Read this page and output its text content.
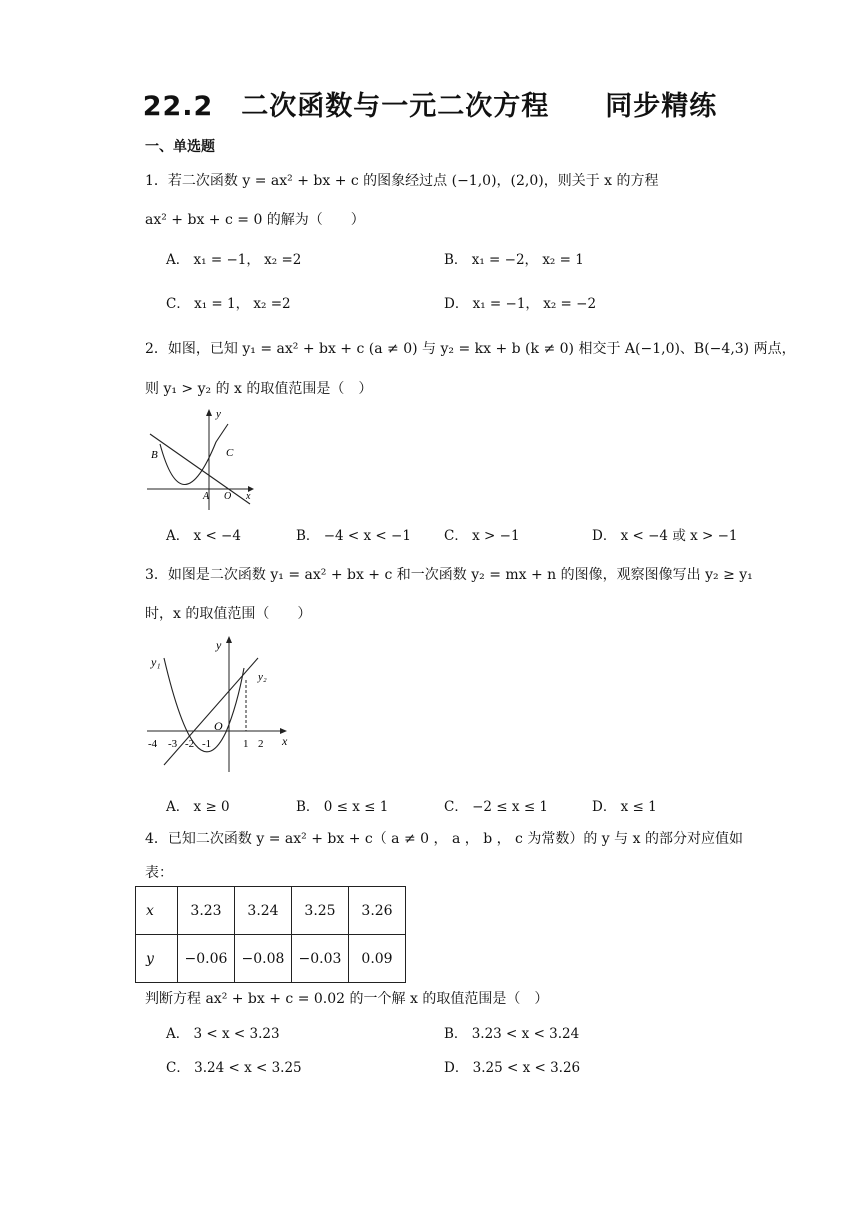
22.2　二次函数与一元二次方程　　同步精练
一、单选题
1．若二次函数 y = ax² + bx + c 的图象经过点 (−1,0)，(2,0)，则关于 x 的方程
ax² + bx + c = 0 的解为（　　）
A． x₁ = −1， x₂ =2	B． x₁ = −2， x₂ = 1
C． x₁ = 1， x₂ =2	D． x₁ = −1， x₂ = −2
2．如图，已知 y₁ = ax² + bx + c (a ≠ 0) 与 y₂ = kx + b (k ≠ 0) 相交于 A(−1,0)、B(−4,3) 两点，
则 y₁ > y₂ 的 x 的取值范围是（　）
y
B	C
A O x
A． x < −4	B． −4 < x < −1 C． x > −1	D． x < −4 或 x > −1
3．如图是二次函数 y₁ = ax² + bx + c 和一次函数 y₂ = mx + n 的图像，观察图像写出 y₂ ≥ y₁
时，x 的取值范围（　　）
y₁
y
y₂
O
-4 -3 -2 -1	1 2 x
A． x ≥ 0	B． 0 ≤ x ≤ 1	C． −2 ≤ x ≤ 1	D． x ≤ 1
4．已知二次函数 y = ax² + bx + c（ a ≠ 0 ， a ， b ， c 为常数）的 y 与 x 的部分对应值如
表：
x	3.23	3.24	3.25	3.26
y	−0.06	−0.08	−0.03	0.09
判断方程 ax² + bx + c = 0.02 的一个解 x 的取值范围是（　）
A． 3 < x < 3.23	B． 3.23 < x < 3.24
C． 3.24 < x < 3.25	D． 3.25 < x < 3.26
